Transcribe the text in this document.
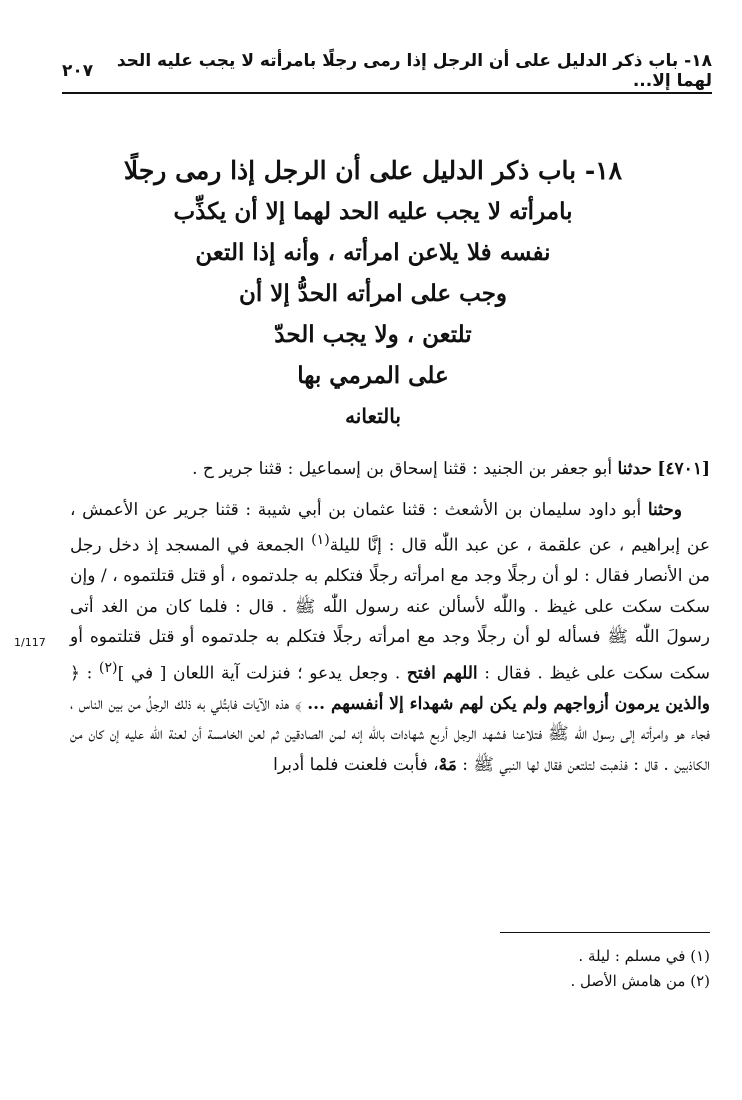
١٨- باب ذكر الدليل على أن الرجل إذا رمى رجلًا بامرأته لا يجب عليه الحد لهما إلا...
٢٠٧
١٨- باب ذكر الدليل على أن الرجل إذا رمى رجلًا
بامرأته لا يجب عليه الحد لهما إلا أن يكذِّب
نفسه فلا يلاعن امرأته ، وأنه إذا التعن
وجب على امرأته الحدُّ إلا أن
تلتعن ، ولا يجب الحدّ
على المرمي بها
بالتعانه

[٤٧٠١] حدثنا أبو جعفر بن الجنيد : قثنا إسحاق بن إسماعيل : قثنا جرير ح .

وحثنا أبو داود سليمان بن الأشعث : قثنا عثمان بن أبي شيبة : قثنا جرير عن الأعمش ، عن إبراهيم ، عن علقمة ، عن عبد اللّٰه قال : إنَّا لليلة$^{(١)}$ الجمعة في المسجد إذ دخل رجل من الأنصار فقال : لو أن رجلًا وجد مع امرأته رجلًا فتكلم به جلدتموه ، أو قتل قتلتموه ، / وإن سكت سكت على غيظ . واللّٰه لأسألن عنه رسول اللّٰه ﷺ . قال : فلما كان من الغد أتى رسولَ اللّٰه ﷺ فسأله لو أن رجلًا وجد مع امرأته رجلًا فتكلم به جلدتموه أو قتل قتلتموه أو سكت سكت على غيظ . فقال : اللهم افتح . وجعل يدعو ؛ فنزلت آية اللعان [ في ]$^{(٢)}$ : ﴿ والذين يرمون أزواجهم ولم يكن لهم شهداء إلا أنفسهم ... ﴾ هذه الآيات فابتُلي به ذلك الرجلُ من بين الناس ، فجاء هو وامرأته إلى رسول اللّٰه ﷺ فتلاعنا فشهد الرجل أربع شهادات باللّٰه إنه لمن الصادقين ثم لعن الخامسة أن لعنة اللّٰه عليه إن كان من الكاذبين . قال : فذهبت لتلتعن فقال لها النبي ﷺ : مَهْ، فأبت فلعنت فلما أدبرا

1/117
(١) في مسلم : ليلة .
(٢) من هامش الأصل .
